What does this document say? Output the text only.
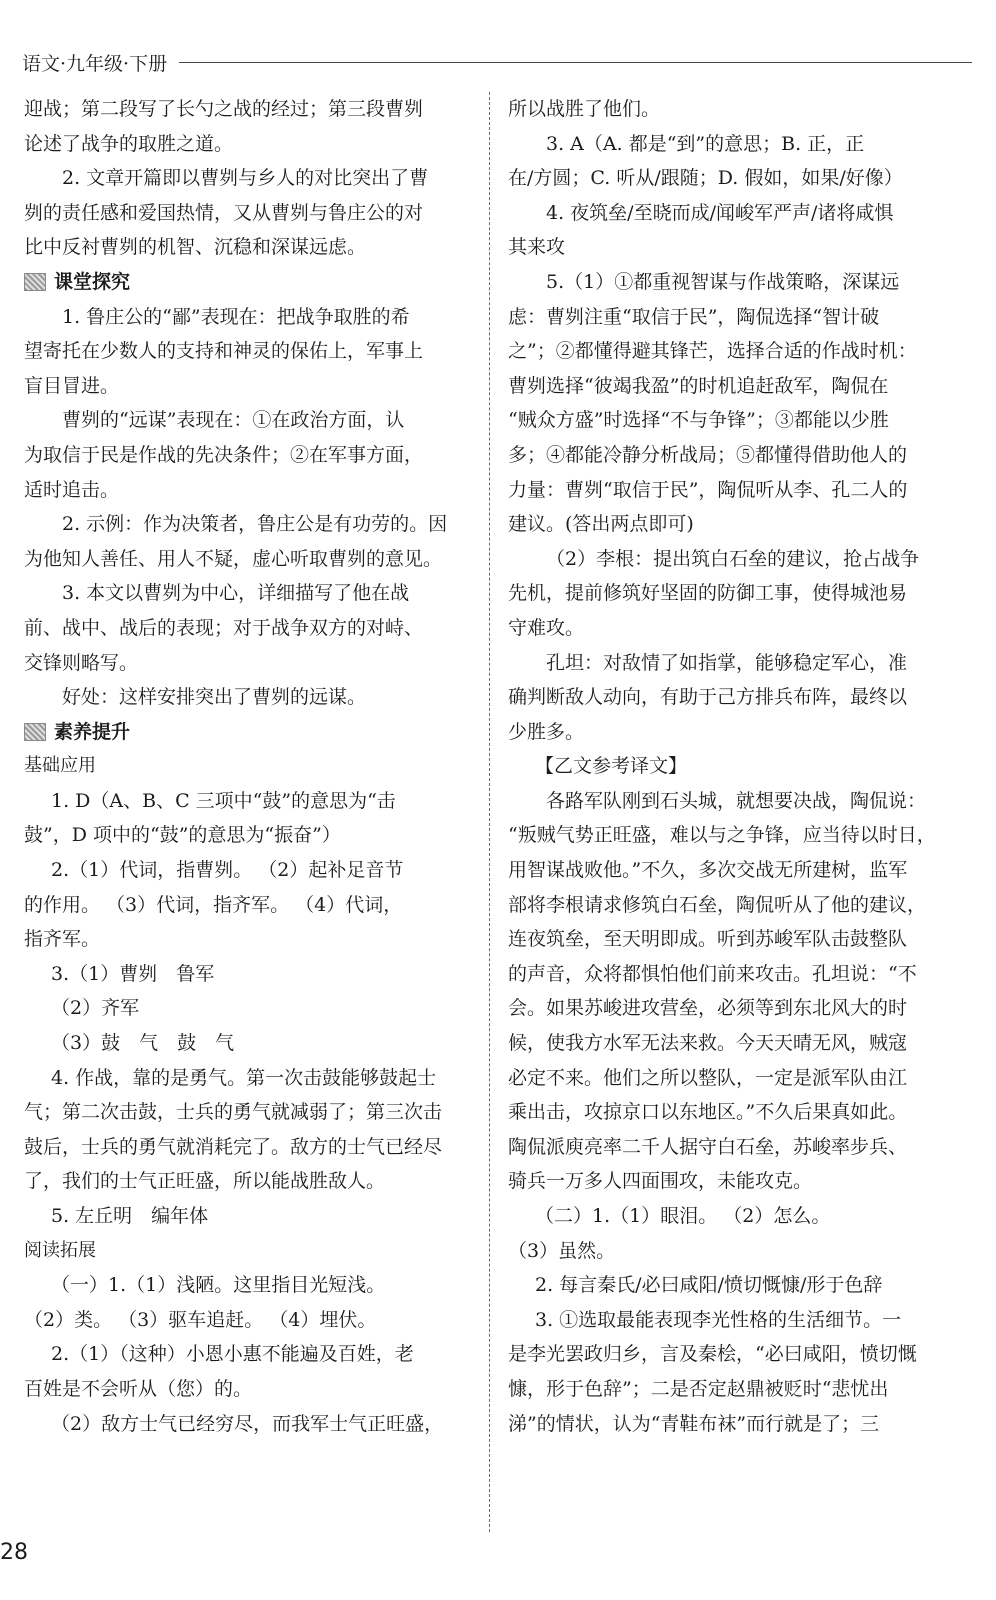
语文·九年级·下册
迎战；第二段写了长勺之战的经过；第三段曹刿
论述了战争的取胜之道。
2. 文章开篇即以曹刿与乡人的对比突出了曹
刿的责任感和爱国热情，又从曹刿与鲁庄公的对
比中反衬曹刿的机智、沉稳和深谋远虑。
课堂探究
1. 鲁庄公的“鄙”表现在：把战争取胜的希
望寄托在少数人的支持和神灵的保佑上，军事上
盲目冒进。
曹刿的“远谋”表现在：①在政治方面，认
为取信于民是作战的先决条件；②在军事方面，
适时追击。
2. 示例：作为决策者，鲁庄公是有功劳的。因
为他知人善任、用人不疑，虚心听取曹刿的意见。
3. 本文以曹刿为中心，详细描写了他在战
前、战中、战后的表现；对于战争双方的对峙、
交锋则略写。
好处：这样安排突出了曹刿的远谋。
素养提升
基础应用
1. D（A、B、C 三项中“鼓”的意思为“击
鼓”，D 项中的“鼓”的意思为“振奋”）
2.（1）代词，指曹刿。 （2）起补足音节
的作用。 （3）代词，指齐军。 （4）代词，
指齐军。
3.（1）曹刿　鲁军
（2）齐军
（3）鼓　气　鼓　气
4. 作战，靠的是勇气。第一次击鼓能够鼓起士
气；第二次击鼓，士兵的勇气就减弱了；第三次击
鼓后，士兵的勇气就消耗完了。敌方的士气已经尽
了，我们的士气正旺盛，所以能战胜敌人。
5. 左丘明　编年体
阅读拓展
（一）1.（1）浅陋。这里指目光短浅。
（2）类。 （3）驱车追赶。 （4）埋伏。
2.（1）（这种）小恩小惠不能遍及百姓，老
百姓是不会听从（您）的。
（2）敌方士气已经穷尽，而我军士气正旺盛，
所以战胜了他们。
3. A（A. 都是“到”的意思；B. 正，正
在/方圆；C. 听从/跟随；D. 假如，如果/好像）
4. 夜筑垒/至晓而成/闻峻军严声/诸将咸惧
其来攻
5.（1）①都重视智谋与作战策略，深谋远
虑：曹刿注重“取信于民”，陶侃选择“智计破
之”；②都懂得避其锋芒，选择合适的作战时机：
曹刿选择“彼竭我盈”的时机追赶敌军，陶侃在
“贼众方盛”时选择“不与争锋”；③都能以少胜
多；④都能冷静分析战局；⑤都懂得借助他人的
力量：曹刿“取信于民”，陶侃听从李、孔二人的
建议。(答出两点即可)
（2）李根：提出筑白石垒的建议，抢占战争
先机，提前修筑好坚固的防御工事，使得城池易
守难攻。
孔坦：对敌情了如指掌，能够稳定军心，准
确判断敌人动向，有助于己方排兵布阵，最终以
少胜多。
【乙文参考译文】
各路军队刚到石头城，就想要决战，陶侃说：
“叛贼气势正旺盛，难以与之争锋，应当待以时日，
用智谋战败他。”不久，多次交战无所建树，监军
部将李根请求修筑白石垒，陶侃听从了他的建议，
连夜筑垒，至天明即成。听到苏峻军队击鼓整队
的声音，众将都惧怕他们前来攻击。孔坦说：“不
会。如果苏峻进攻营垒，必须等到东北风大的时
候，使我方水军无法来救。今天天晴无风，贼寇
必定不来。他们之所以整队，一定是派军队由江
乘出击，攻掠京口以东地区。”不久后果真如此。
陶侃派庾亮率二千人据守白石垒，苏峻率步兵、
骑兵一万多人四面围攻，未能攻克。
（二）1.（1）眼泪。 （2）怎么。
（3）虽然。
2. 每言秦氏/必曰咸阳/愤切慨慷/形于色辞
3. ①选取最能表现李光性格的生活细节。一
是李光罢政归乡，言及秦桧，“必曰咸阳，愤切慨
慷，形于色辞”；二是否定赵鼎被贬时“悲忧出
涕”的情状，认为“青鞋布袜”而行就是了；三
28
